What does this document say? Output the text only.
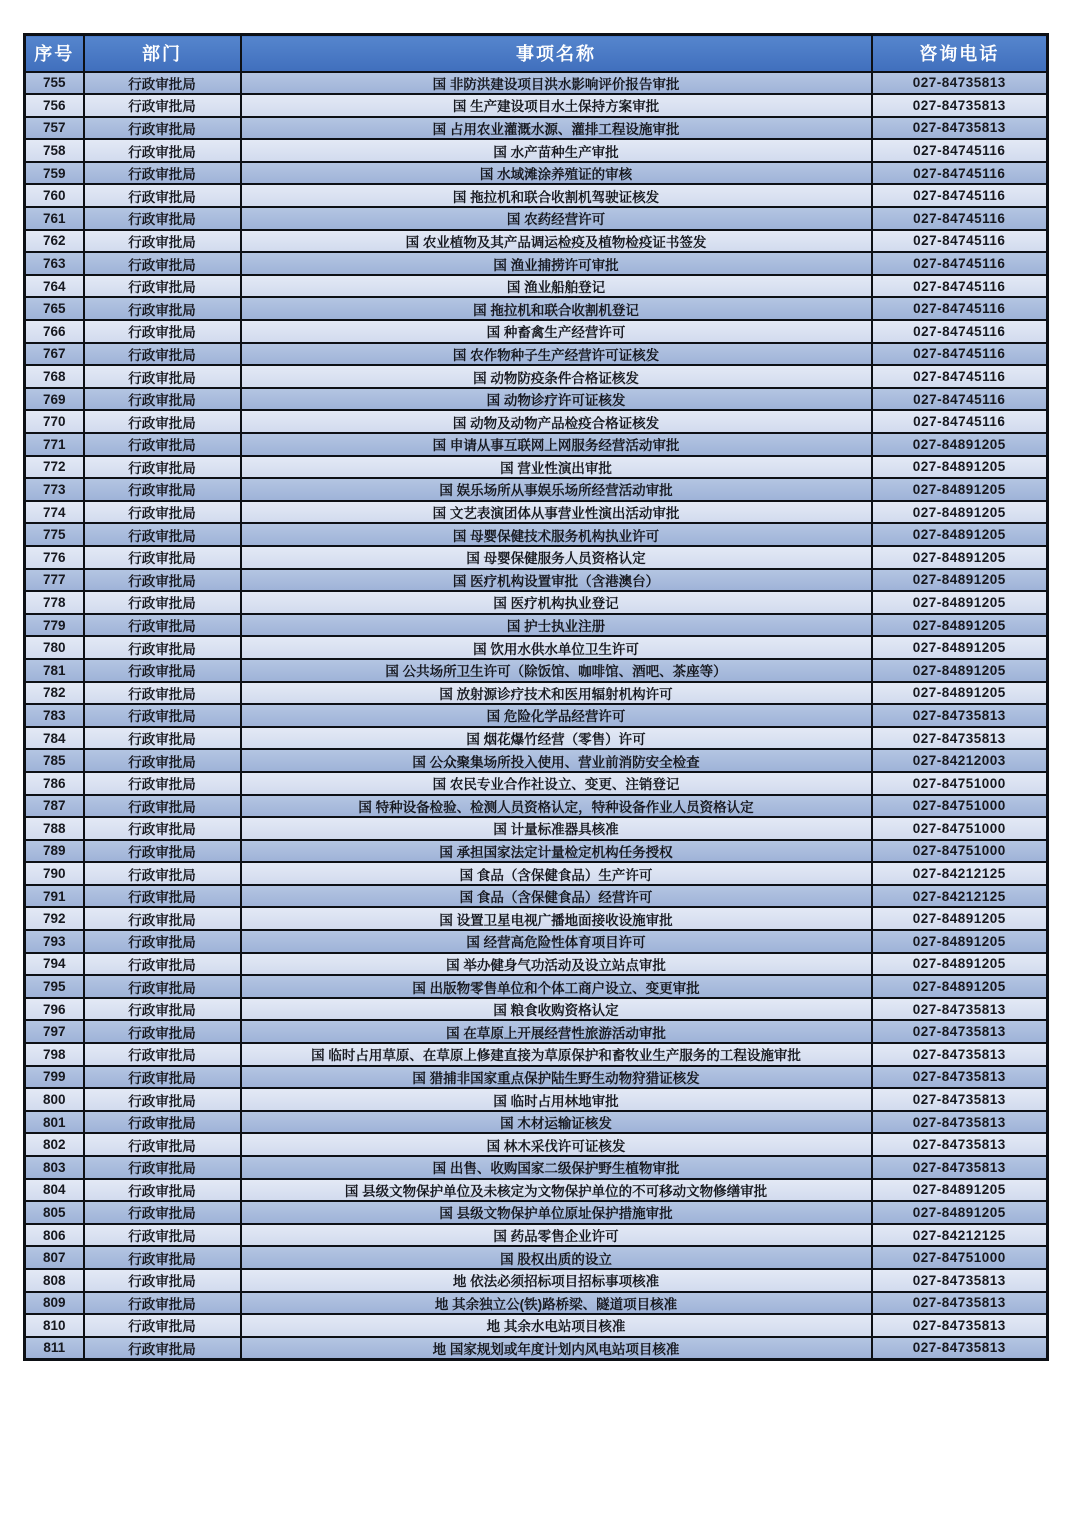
序号	部门	事项名称	咨询电话
755	行政审批局	国 非防洪建设项目洪水影响评价报告审批	027-84735813
756	行政审批局	国 生产建设项目水土保持方案审批	027-84735813
757	行政审批局	国 占用农业灌溉水源、灌排工程设施审批	027-84735813
758	行政审批局	国 水产苗种生产审批	027-84745116
759	行政审批局	国 水域滩涂养殖证的审核	027-84745116
760	行政审批局	国 拖拉机和联合收割机驾驶证核发	027-84745116
761	行政审批局	国 农药经营许可	027-84745116
762	行政审批局	国 农业植物及其产品调运检疫及植物检疫证书签发	027-84745116
763	行政审批局	国 渔业捕捞许可审批	027-84745116
764	行政审批局	国 渔业船舶登记	027-84745116
765	行政审批局	国 拖拉机和联合收割机登记	027-84745116
766	行政审批局	国 种畜禽生产经营许可	027-84745116
767	行政审批局	国 农作物种子生产经营许可证核发	027-84745116
768	行政审批局	国 动物防疫条件合格证核发	027-84745116
769	行政审批局	国 动物诊疗许可证核发	027-84745116
770	行政审批局	国 动物及动物产品检疫合格证核发	027-84745116
771	行政审批局	国 申请从事互联网上网服务经营活动审批	027-84891205
772	行政审批局	国 营业性演出审批	027-84891205
773	行政审批局	国 娱乐场所从事娱乐场所经营活动审批	027-84891205
774	行政审批局	国 文艺表演团体从事营业性演出活动审批	027-84891205
775	行政审批局	国 母婴保健技术服务机构执业许可	027-84891205
776	行政审批局	国 母婴保健服务人员资格认定	027-84891205
777	行政审批局	国 医疗机构设置审批（含港澳台）	027-84891205
778	行政审批局	国 医疗机构执业登记	027-84891205
779	行政审批局	国 护士执业注册	027-84891205
780	行政审批局	国 饮用水供水单位卫生许可	027-84891205
781	行政审批局	国 公共场所卫生许可（除饭馆、咖啡馆、酒吧、茶座等）	027-84891205
782	行政审批局	国 放射源诊疗技术和医用辐射机构许可	027-84891205
783	行政审批局	国 危险化学品经营许可	027-84735813
784	行政审批局	国 烟花爆竹经营（零售）许可	027-84735813
785	行政审批局	国 公众聚集场所投入使用、营业前消防安全检查	027-84212003
786	行政审批局	国 农民专业合作社设立、变更、注销登记	027-84751000
787	行政审批局	国 特种设备检验、检测人员资格认定，特种设备作业人员资格认定	027-84751000
788	行政审批局	国 计量标准器具核准	027-84751000
789	行政审批局	国 承担国家法定计量检定机构任务授权	027-84751000
790	行政审批局	国 食品（含保健食品）生产许可	027-84212125
791	行政审批局	国 食品（含保健食品）经营许可	027-84212125
792	行政审批局	国 设置卫星电视广播地面接收设施审批	027-84891205
793	行政审批局	国 经营高危险性体育项目许可	027-84891205
794	行政审批局	国 举办健身气功活动及设立站点审批	027-84891205
795	行政审批局	国 出版物零售单位和个体工商户设立、变更审批	027-84891205
796	行政审批局	国 粮食收购资格认定	027-84735813
797	行政审批局	国 在草原上开展经营性旅游活动审批	027-84735813
798	行政审批局	国 临时占用草原、在草原上修建直接为草原保护和畜牧业生产服务的工程设施审批	027-84735813
799	行政审批局	国 猎捕非国家重点保护陆生野生动物狩猎证核发	027-84735813
800	行政审批局	国 临时占用林地审批	027-84735813
801	行政审批局	国 木材运输证核发	027-84735813
802	行政审批局	国 林木采伐许可证核发	027-84735813
803	行政审批局	国 出售、收购国家二级保护野生植物审批	027-84735813
804	行政审批局	国 县级文物保护单位及未核定为文物保护单位的不可移动文物修缮审批	027-84891205
805	行政审批局	国 县级文物保护单位原址保护措施审批	027-84891205
806	行政审批局	国 药品零售企业许可	027-84212125
807	行政审批局	国 股权出质的设立	027-84751000
808	行政审批局	地 依法必须招标项目招标事项核准	027-84735813
809	行政审批局	地 其余独立公(铁)路桥梁、隧道项目核准	027-84735813
810	行政审批局	地 其余水电站项目核准	027-84735813
811	行政审批局	地 国家规划或年度计划内风电站项目核准	027-84735813
